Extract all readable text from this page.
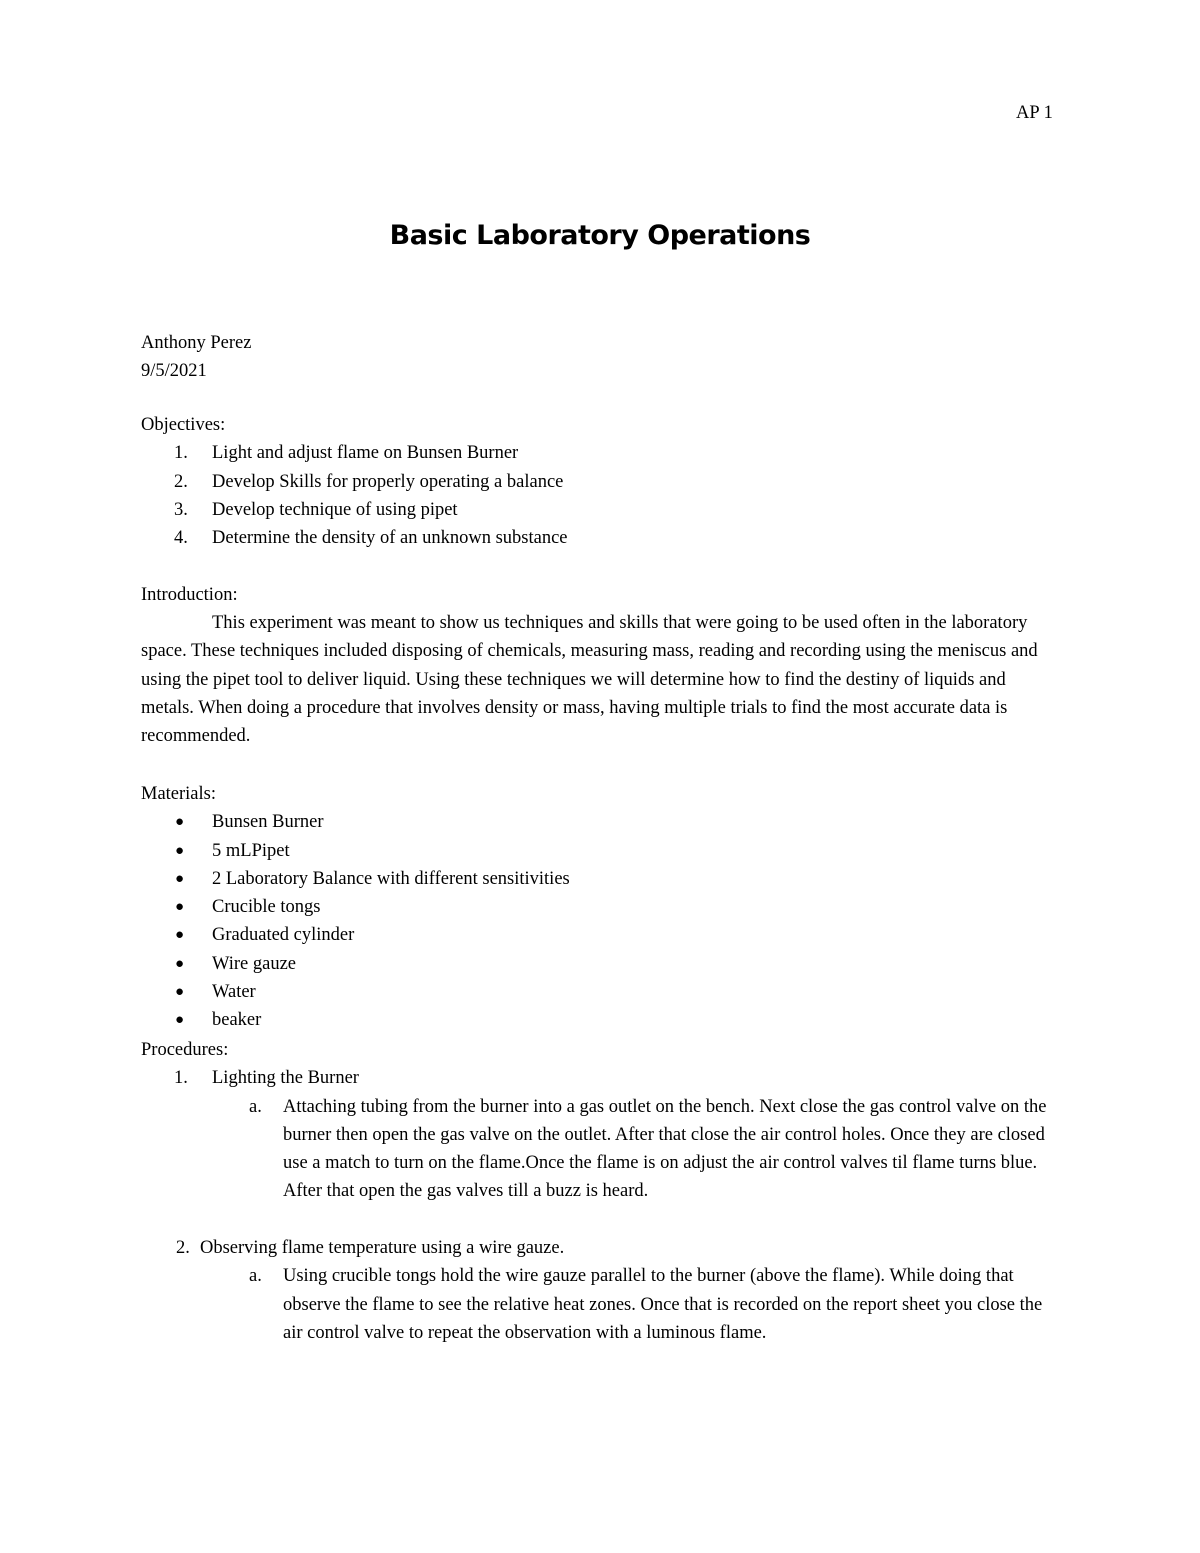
AP 1
Basic Laboratory Operations
Anthony Perez
9/5/2021
Objectives:
1. Light and adjust flame on Bunsen Burner
2. Develop Skills for properly operating a balance
3. Develop technique of using pipet
4. Determine the density of an unknown substance
Introduction:

This experiment was meant to show us techniques and skills that were going to be used often in the laboratory space. These techniques included disposing of chemicals, measuring mass, reading and recording using the meniscus and using the pipet tool to deliver liquid. Using these techniques we will determine how to find the destiny of liquids and metals. When doing a procedure that involves density or mass, having multiple trials to find the most accurate data is recommended.

Materials:
● Bunsen Burner
● 5 mLPipet
● 2 Laboratory Balance with different sensitivities
● Crucible tongs
● Graduated cylinder
● Wire gauze
● Water
● beaker
Procedures:
1. Lighting the Burner
a. Attaching tubing from the burner into a gas outlet on the bench. Next close the gas control valve on the burner then open the gas valve on the outlet. After that close the air control holes. Once they are closed use a match to turn on the flame.Once the flame is on adjust the air control valves til flame turns blue. After that open the gas valves till a buzz is heard.
2. Observing flame temperature using a wire gauze.
a. Using crucible tongs hold the wire gauze parallel to the burner (above the flame). While doing that observe the flame to see the relative heat zones. Once that is recorded on the report sheet you close the air control valve to repeat the observation with a luminous flame.
